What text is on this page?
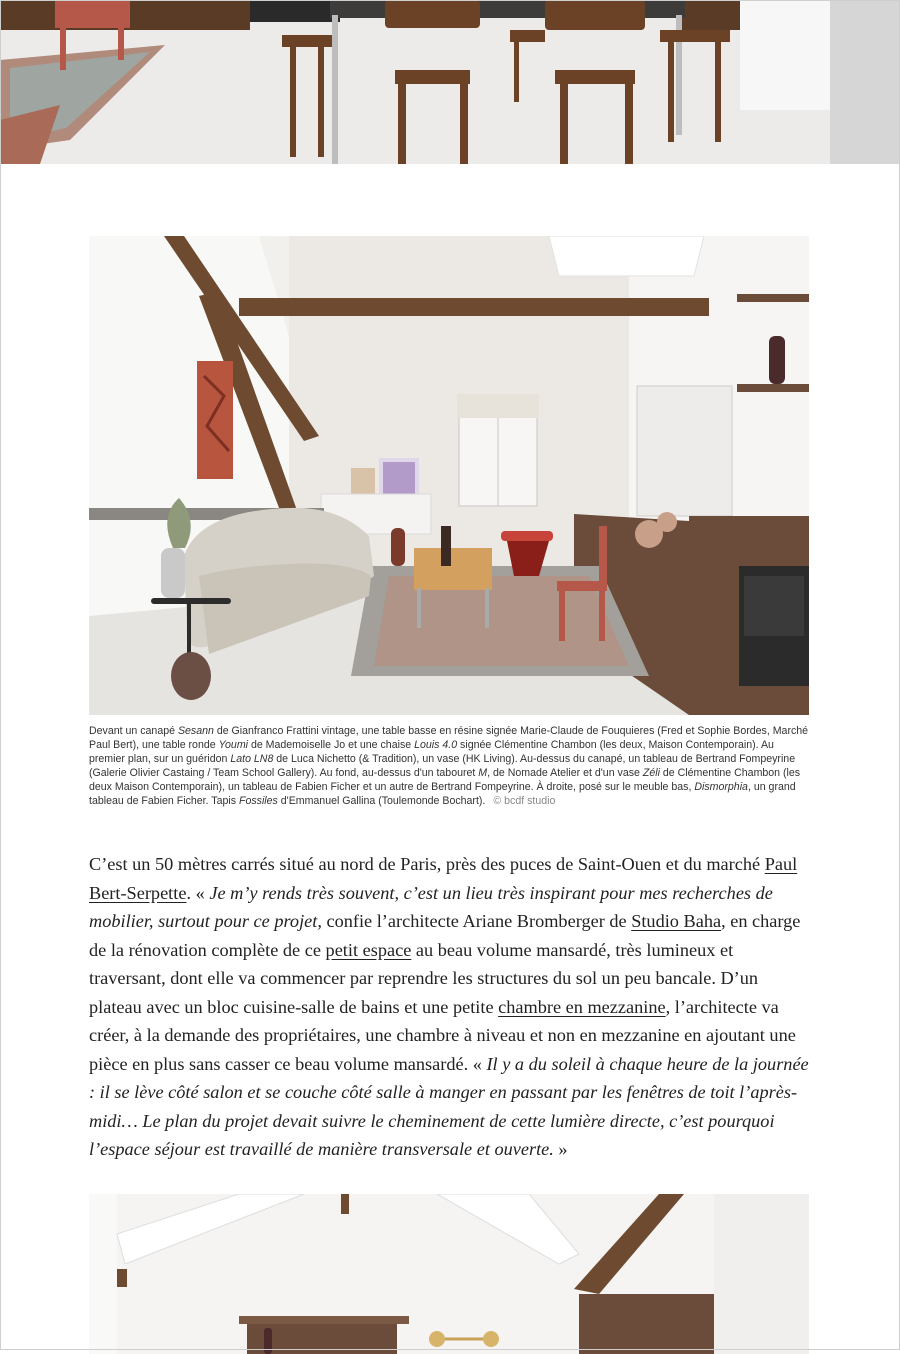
Devant un canapé Sesann de Gianfranco Frattini vintage, une table basse en résine signée Marie-Claude de Fouquieres (Fred et Sophie Bordes, Marché Paul Bert), une table ronde Youmi de Mademoiselle Jo et une chaise Louis 4.0 signée Clémentine Chambon (les deux, Maison Contemporain). Au premier plan, sur un guéridon Lato LN8 de Luca Nichetto (& Tradition), un vase (HK Living). Au-dessus du canapé, un tableau de Bertrand Fompeyrine (Galerie Olivier Castaing / Team School Gallery). Au fond, au-dessus d'un tabouret M, de Nomade Atelier et d'un vase Zéli de Clémentine Chambon (les deux Maison Contemporain), un tableau de Fabien Ficher et un autre de Bertrand Fompeyrine. À droite, posé sur le meuble bas, Dismorphia, un grand tableau de Fabien Ficher. Tapis Fossiles d'Emmanuel Gallina (Toulemonde Bochart). © bcdf studio

C’est un 50 mètres carrés situé au nord de Paris, près des puces de Saint-Ouen et du marché Paul Bert-Serpette. « Je m’y rends très souvent, c’est un lieu très inspirant pour mes recherches de mobilier, surtout pour ce projet, confie l’architecte Ariane Bromberger de Studio Baha, en charge de la rénovation complète de ce petit espace au beau volume mansardé, très lumineux et traversant, dont elle va commencer par reprendre les structures du sol un peu bancale. D’un plateau avec un bloc cuisine-salle de bains et une petite chambre en mezzanine, l’architecte va créer, à la demande des propriétaires, une chambre à niveau et non en mezzanine en ajoutant une pièce en plus sans casser ce beau volume mansardé. « Il y a du soleil à chaque heure de la journée : il se lève côté salon et se couche côté salle à manger en passant par les fenêtres de toit l’après-midi… Le plan du projet devait suivre le cheminement de cette lumière directe, c’est pourquoi l’espace séjour est travaillé de manière transversale et ouverte. »
